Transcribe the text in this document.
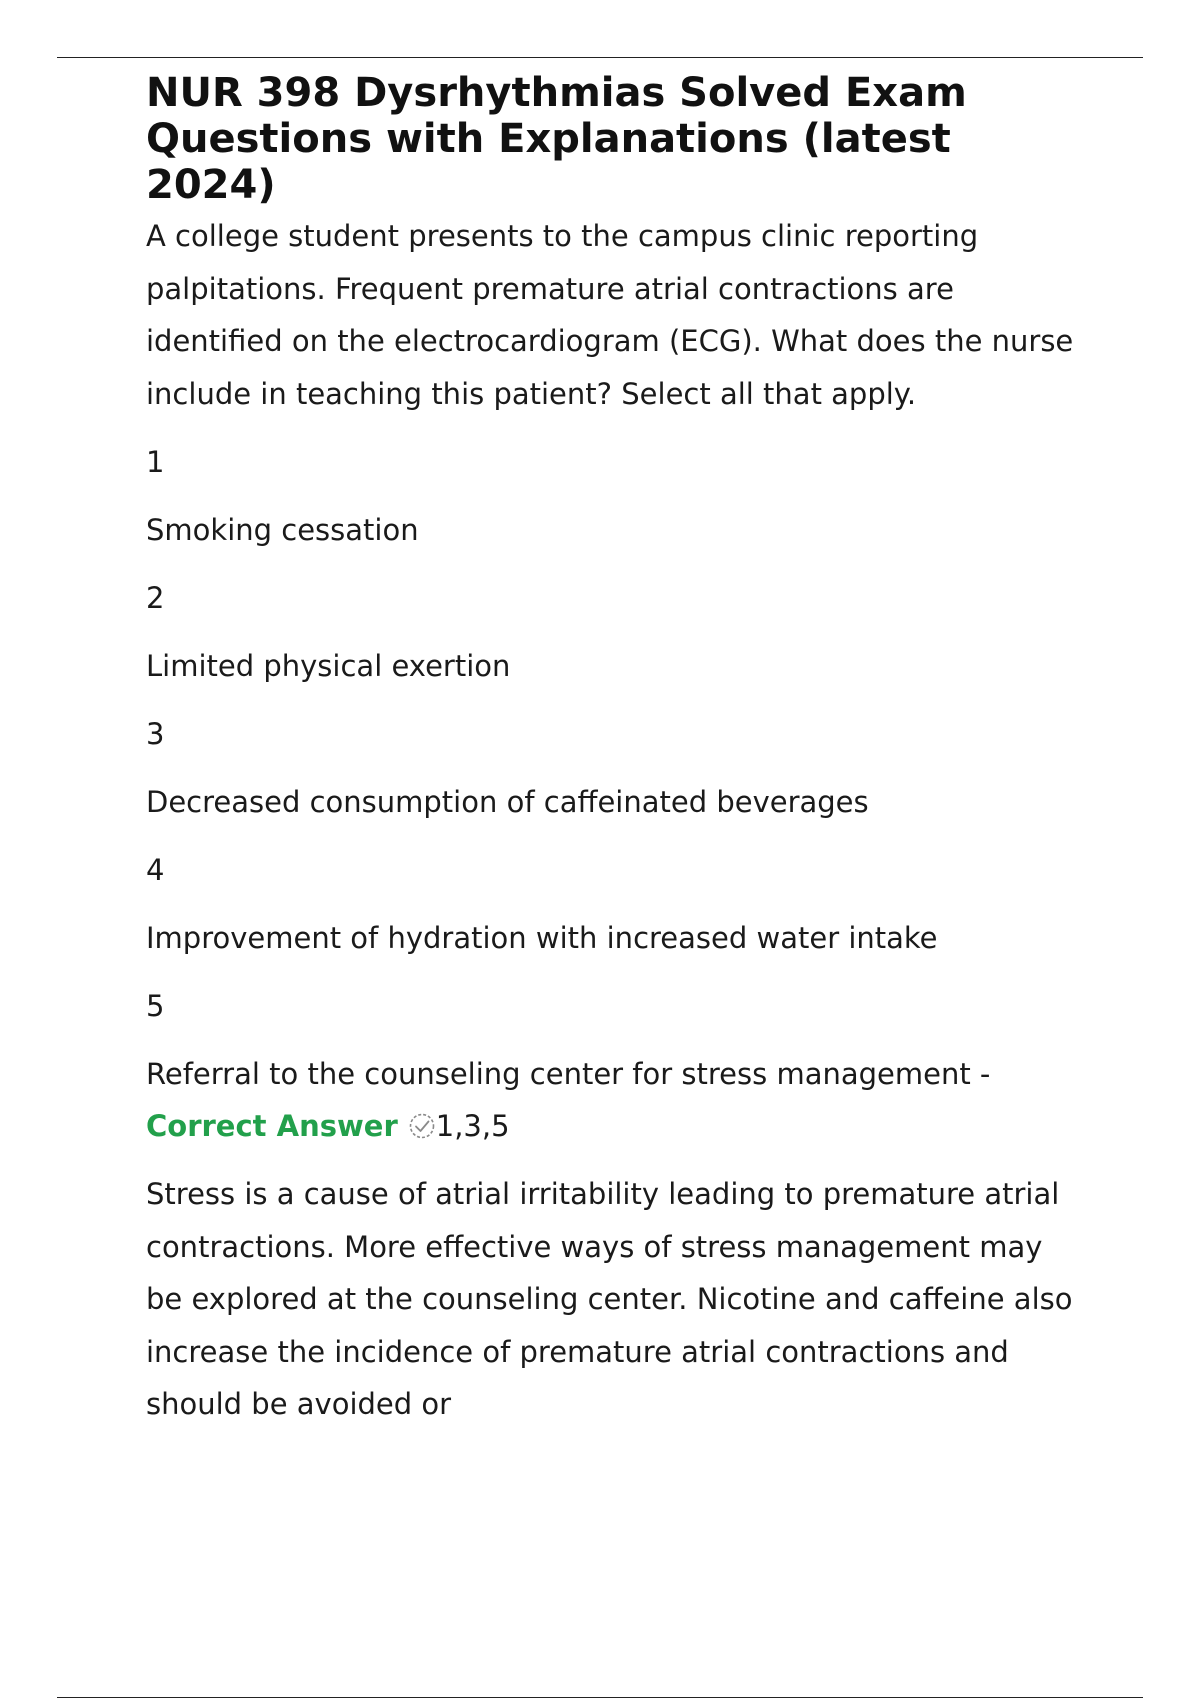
NUR 398 Dysrhythmias Solved Exam Questions with Explanations (latest 2024)

A college student presents to the campus clinic reporting palpitations. Frequent premature atrial contractions are identified on the electrocardiogram (ECG). What does the nurse include in teaching this patient? Select all that apply.

1

Smoking cessation

2

Limited physical exertion

3

Decreased consumption of caffeinated beverages

4

Improvement of hydration with increased water intake

5

Referral to the counseling center for stress management -

Correct Answer 1,3,5

Stress is a cause of atrial irritability leading to premature atrial contractions. More effective ways of stress management may be explored at the counseling center. Nicotine and caffeine also increase the incidence of premature atrial contractions and should be avoided or
